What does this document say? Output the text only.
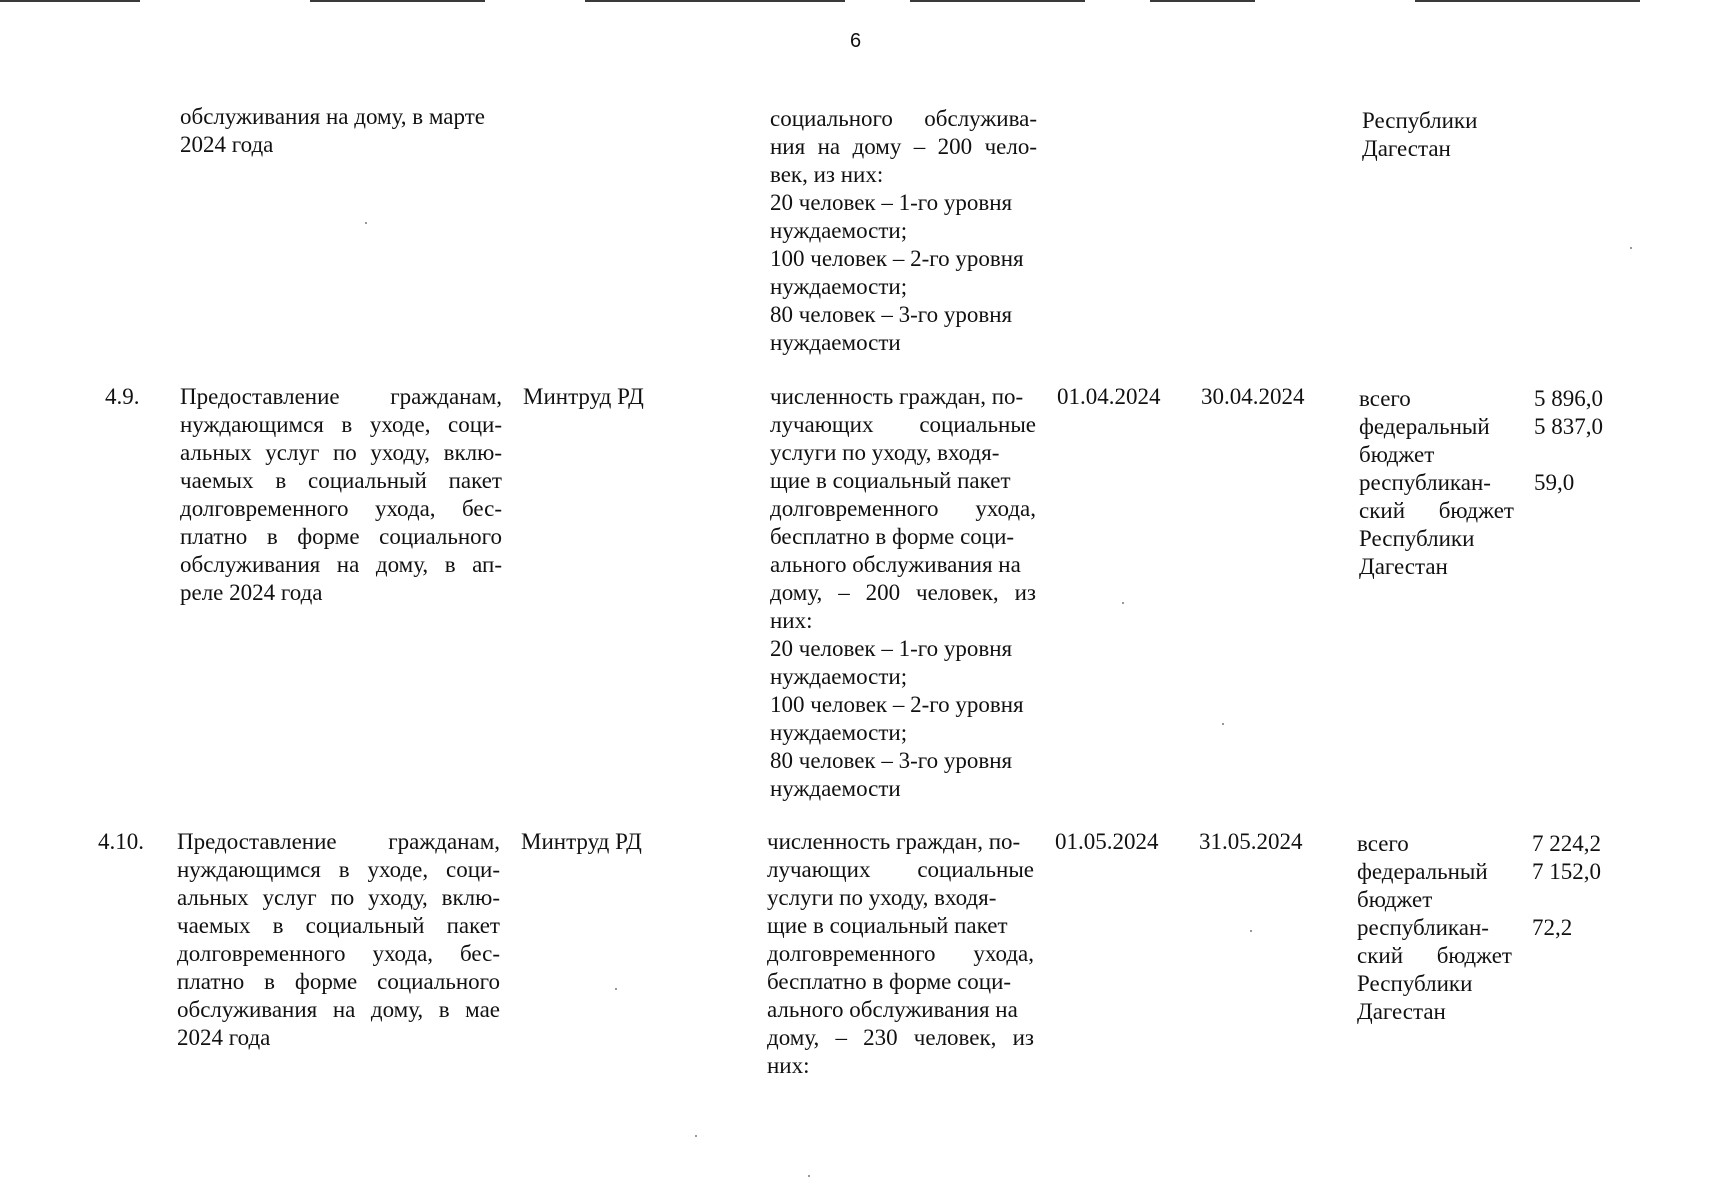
6
обслуживания на дому, в марте
2024 года
социального обслужива-
ния на дому – 200 чело-
век, из них:
20 человек – 1-го уровня
нуждаемости;
100 человек – 2-го уровня
нуждаемости;
80 человек – 3-го уровня
нуждаемости
Республики
Дагестан
4.9. Предоставление гражданам,
нуждающимся в уходе, соци-
альных услуг по уходу, вклю-
чаемых в социальный пакет
долговременного ухода, бес-
платно в форме социального
обслуживания на дому, в ап-
реле 2024 года
Минтруд РД	численность граждан, по-
лучающих социальные
услуги по уходу, входя-
щие в социальный пакет
долговременного ухода,
бесплатно в форме соци-
ального обслуживания на
дому, – 200 человек, из
них:
20 человек – 1-го уровня
нуждаемости;
100 человек – 2-го уровня
нуждаемости;
80 человек – 3-го уровня
нуждаемости
01.04.2024 30.04.2024 всего
федеральный
бюджет
республикан-
ский бюджет
Республики
Дагестан
5 896,0
5 837,0
59,0
4.10. Предоставление гражданам,
нуждающимся в уходе, соци-
альных услуг по уходу, вклю-
чаемых в социальный пакет
долговременного ухода, бес-
платно в форме социального
обслуживания на дому, в мае
2024 года
Минтруд РД	численность граждан, по-
лучающих социальные
услуги по уходу, входя-
щие в социальный пакет
долговременного ухода,
бесплатно в форме соци-
ального обслуживания на
дому, – 230 человек, из
них:
01.05.2024 31.05.2024 всего
федеральный
бюджет
республикан-
ский бюджет
Республики
Дагестан
7 224,2
7 152,0
72,2
